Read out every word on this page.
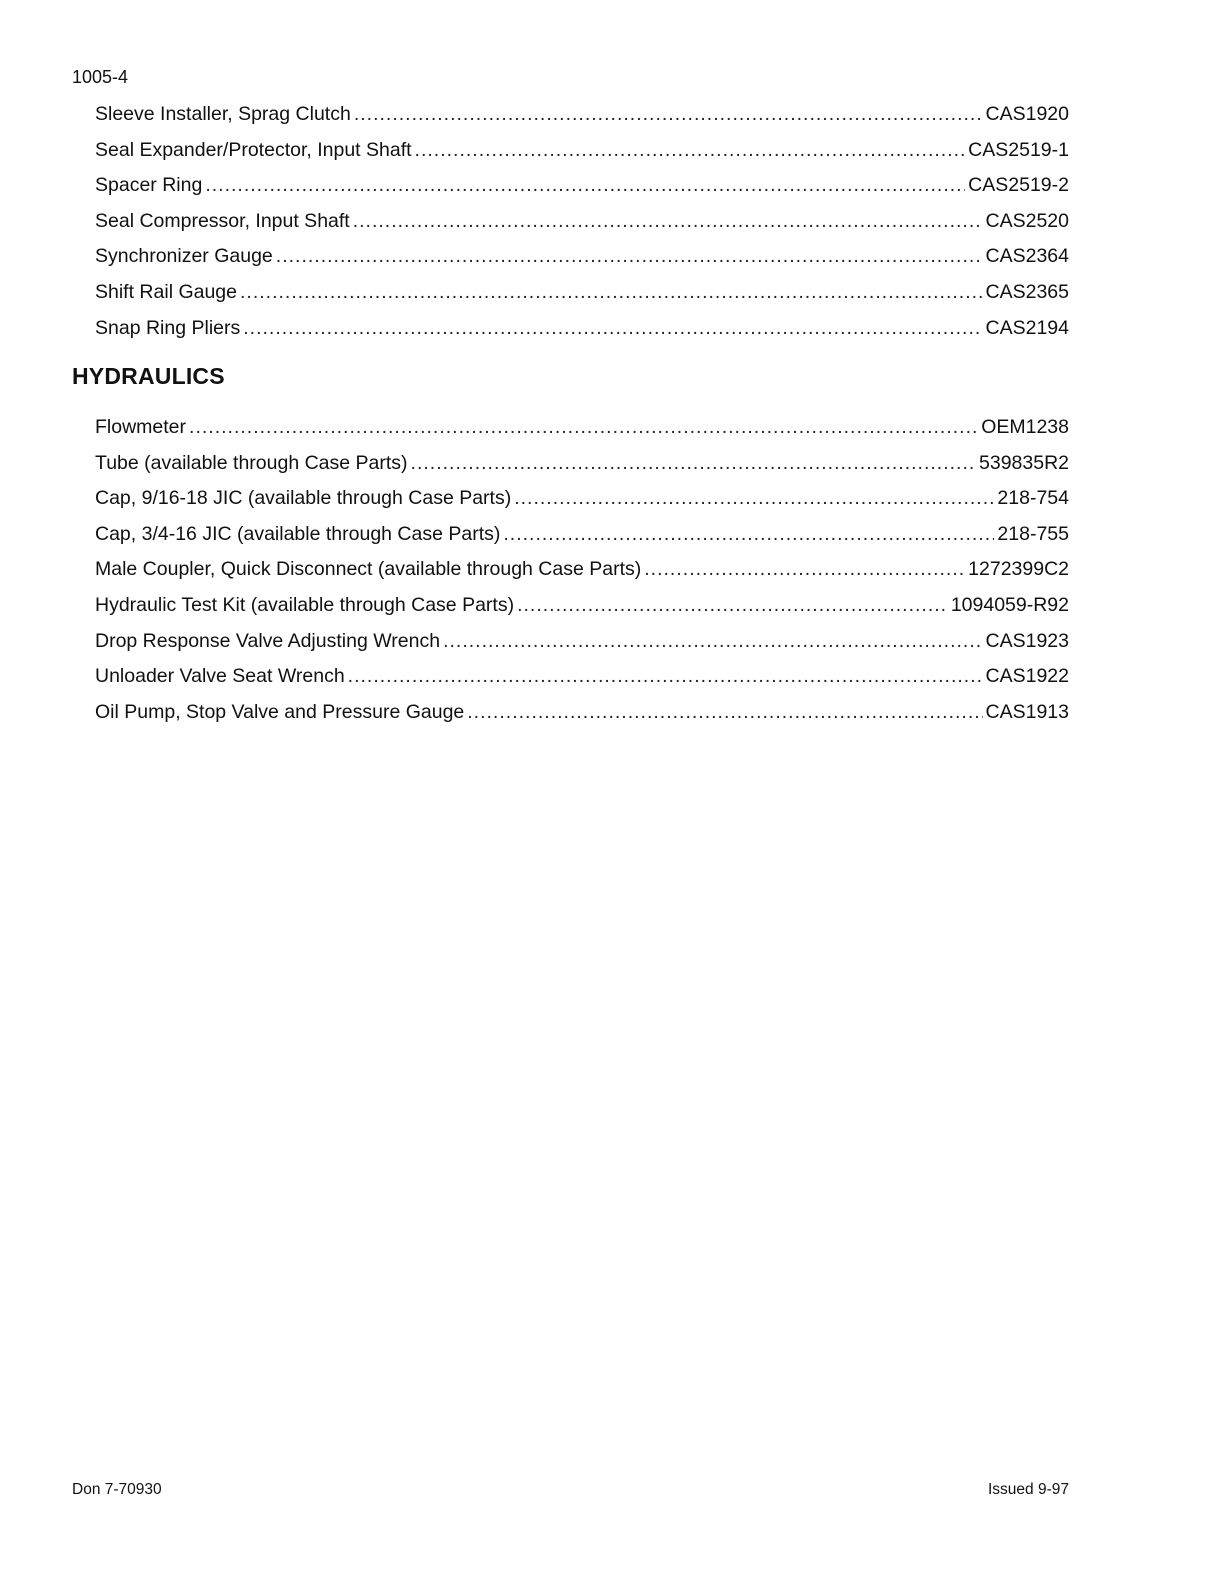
1005-4
Sleeve Installer, Sprag Clutch .....	CAS1920
Seal Expander/Protector, Input Shaft .....	CAS2519-1
Spacer Ring .....	CAS2519-2
Seal Compressor, Input Shaft .....	CAS2520
Synchronizer Gauge .....	CAS2364
Shift Rail Gauge .....	CAS2365
Snap Ring Pliers .....	CAS2194
HYDRAULICS
Flowmeter .....	OEM1238
Tube (available through Case Parts) .....	539835R2
Cap, 9/16-18 JIC (available through Case Parts) .....	218-754
Cap, 3/4-16 JIC (available through Case Parts) .....	218-755
Male Coupler, Quick Disconnect (available through Case Parts) .....	1272399C2
Hydraulic Test Kit (available through Case Parts) .....	1094059-R92
Drop Response Valve Adjusting Wrench .....	CAS1923
Unloader Valve Seat Wrench .....	CAS1922
Oil Pump, Stop Valve and Pressure Gauge .....	CAS1913
Don 7-70930	Issued 9-97
